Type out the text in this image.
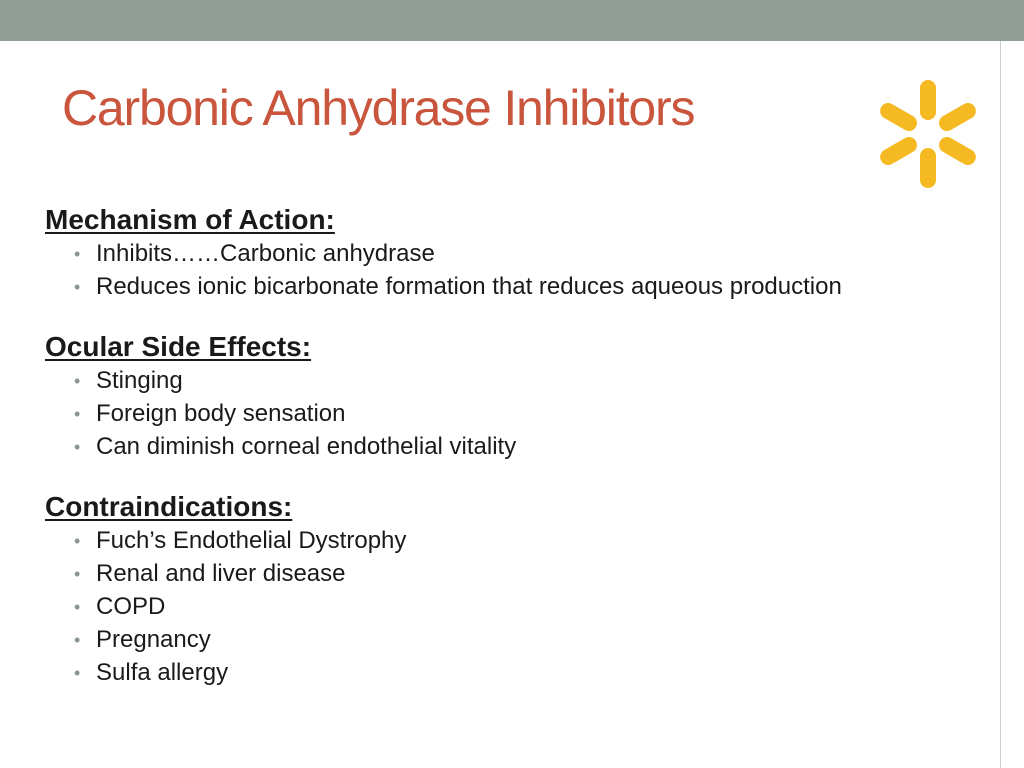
Carbonic Anhydrase Inhibitors
Mechanism of Action:
• Inhibits……Carbonic anhydrase
• Reduces ionic bicarbonate formation that reduces aqueous production
Ocular Side Effects:
• Stinging
• Foreign body sensation
• Can diminish corneal endothelial vitality
Contraindications:
• Fuch’s Endothelial Dystrophy
• Renal and liver disease
• COPD
• Pregnancy
• Sulfa allergy
